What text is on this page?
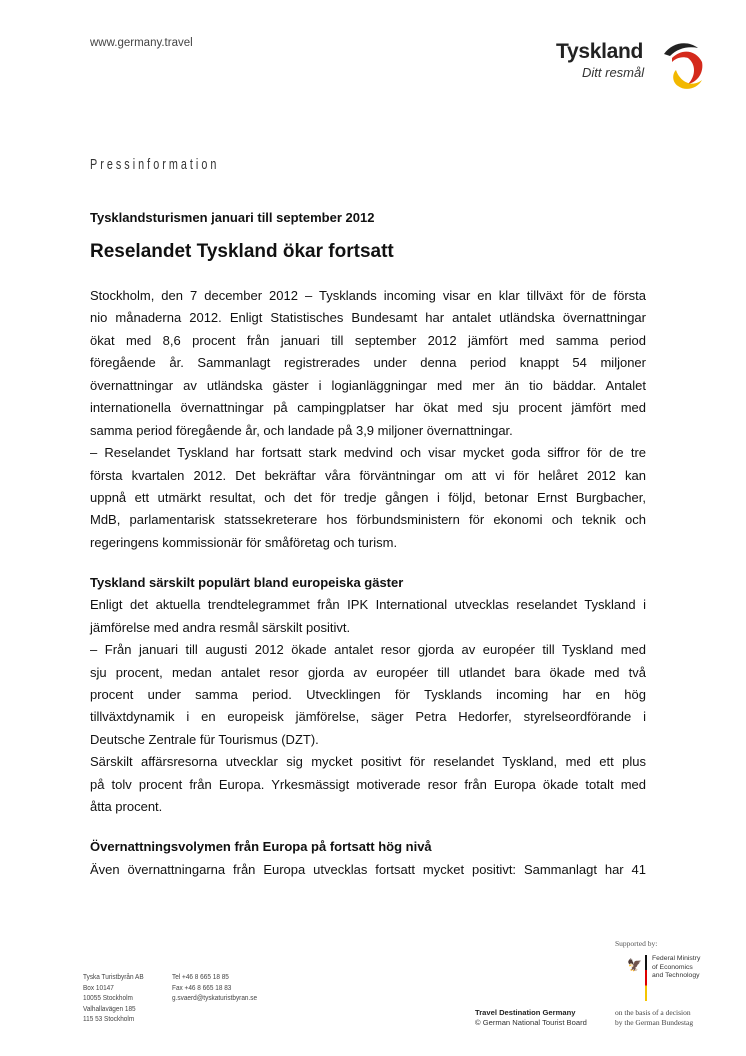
www.germany.travel	Tyskland
Ditt resmål
Pressinformation
Tysklandsturismen januari till september 2012
Reselandet Tyskland ökar fortsatt
Stockholm, den 7 december 2012 – Tysklands incoming visar en klar tillväxt för de första
nio månaderna 2012. Enligt Statistisches Bundesamt har antalet utländska övernattningar
ökat med 8,6 procent från januari till september 2012 jämfört med samma period
föregående år. Sammanlagt registrerades under denna period knappt 54 miljoner
övernattningar av utländska gäster i logianläggningar med mer än tio bäddar. Antalet
internationella övernattningar på campingplatser har ökat med sju procent jämfört med
samma period föregående år, och landade på 3,9 miljoner övernattningar.
– Reselandet Tyskland har fortsatt stark medvind och visar mycket goda siffror för de tre
första kvartalen 2012. Det bekräftar våra förväntningar om att vi för helåret 2012 kan
uppnå ett utmärkt resultat, och det för tredje gången i följd, betonar Ernst Burgbacher,
MdB, parlamentarisk statssekreterare hos förbundsministern för ekonomi och teknik och
regeringens kommissionär för småföretag och turism.
Tyskland särskilt populärt bland europeiska gäster
Enligt det aktuella trendtelegrammet från IPK International utvecklas reselandet Tyskland i
jämförelse med andra resmål särskilt positivt.
– Från januari till augusti 2012 ökade antalet resor gjorda av européer till Tyskland med
sju procent, medan antalet resor gjorda av européer till utlandet bara ökade med två
procent under samma period. Utvecklingen för Tysklands incoming har en hög
tillväxtdynamik i en europeisk jämförelse, säger Petra Hedorfer, styrelseordförande i
Deutsche Zentrale für Tourismus (DZT).
Särskilt affärsresorna utvecklar sig mycket positivt för reselandet Tyskland, med ett plus
på tolv procent från Europa. Yrkesmässigt motiverade resor från Europa ökade totalt med
åtta procent.
Övernattningsvolymen från Europa på fortsatt hög nivå
Även övernattningarna från Europa utvecklas fortsatt mycket positivt: Sammanlagt har 41
Tyska Turistbyrån AB
Box 10147
10055 Stockholm
Valhallavägen 185
115 53 Stockholm
Tel +46 8 665 18 85
Fax +46 8 665 18 83
g.svaerd@tyskaturistbyran.se
Travel Destination Germany
© German National Tourist Board
Supported by:
🦅 Federal Ministry
of Economics
and Technology
on the basis of a decision
by the German Bundestag
